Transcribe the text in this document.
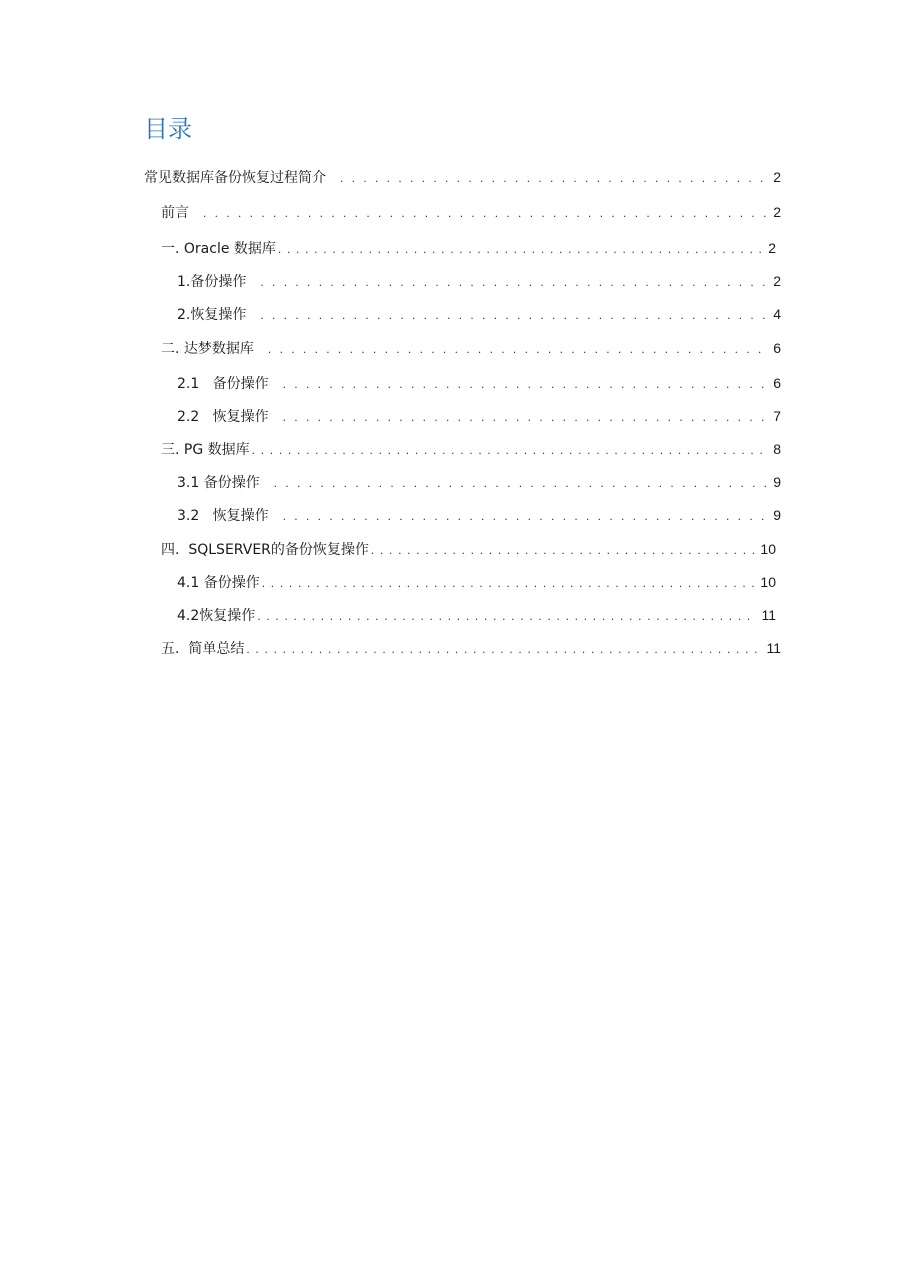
目录
常见数据库备份恢复过程简介 . . .	2
前言 . . .	2
一. Oracle 数据库 . . .	2
1.备份操作 . . .	2
2.恢复操作 . . .	4
二. 达梦数据库 . . .	6
2.1   备份操作 . . .	6
2.2   恢复操作 . . .	7
三. PG 数据库 . . .	8
3.1 备份操作 . . .	9
3.2   恢复操作 . . .	9
四.  SQLSERVER的备份恢复操作 . . .	10
4.1 备份操作 . . .	10
4.2恢复操作 . . .	11
五.  简单总结 . . .	11
